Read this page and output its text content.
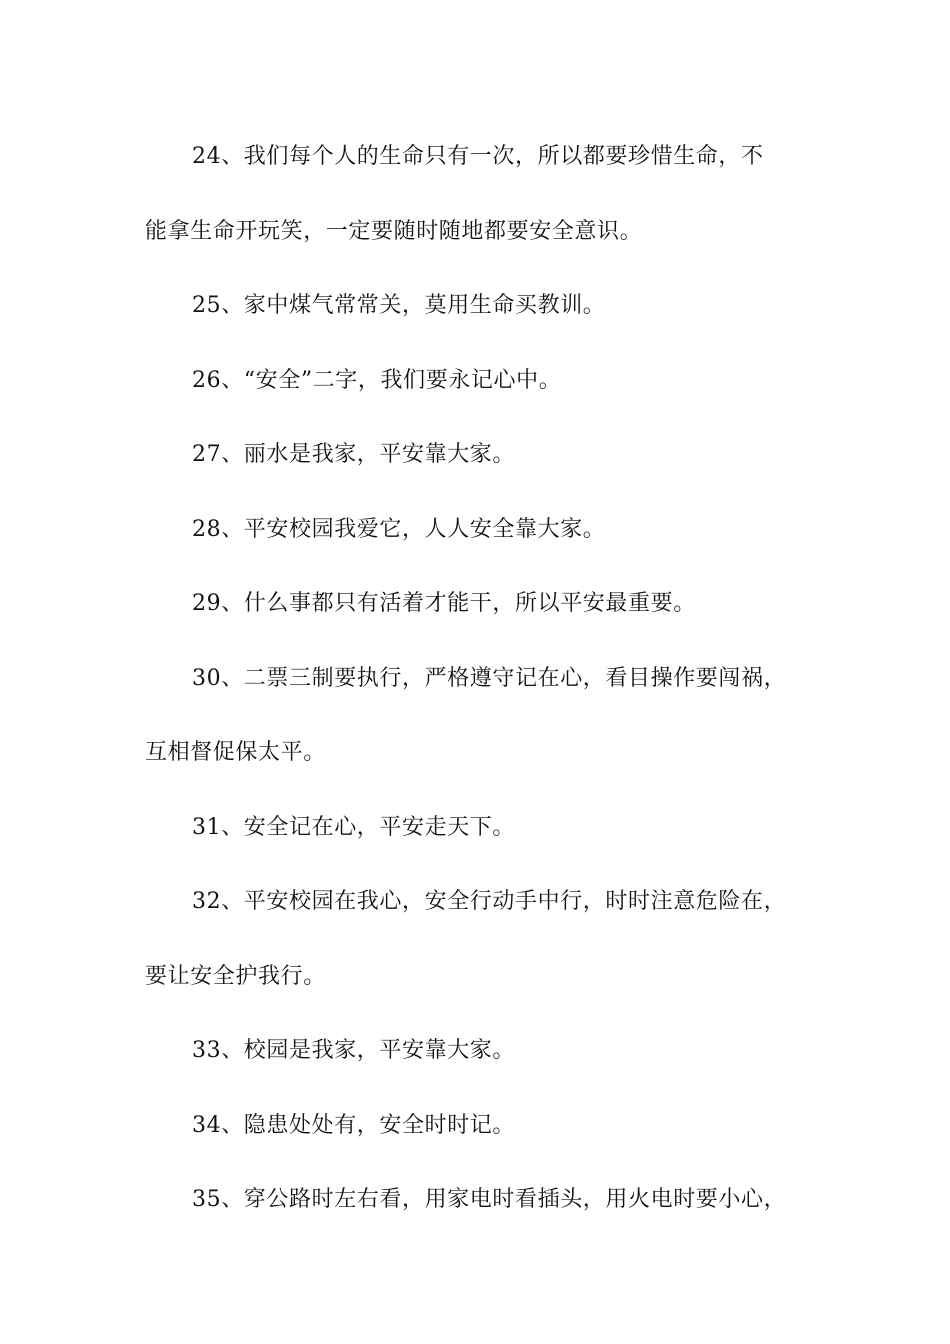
24、我们每个人的生命只有一次，所以都要珍惜生命，不
能拿生命开玩笑，一定要随时随地都要安全意识。
25、家中煤气常常关，莫用生命买教训。
26、“安全”二字，我们要永记心中。
27、丽水是我家，平安靠大家。
28、平安校园我爱它，人人安全靠大家。
29、什么事都只有活着才能干，所以平安最重要。
30、二票三制要执行，严格遵守记在心，看目操作要闯祸，
互相督促保太平。
31、安全记在心，平安走天下。
32、平安校园在我心，安全行动手中行，时时注意危险在，
要让安全护我行。
33、校园是我家，平安靠大家。
34、隐患处处有，安全时时记。
35、穿公路时左右看，用家电时看插头，用火电时要小心，
